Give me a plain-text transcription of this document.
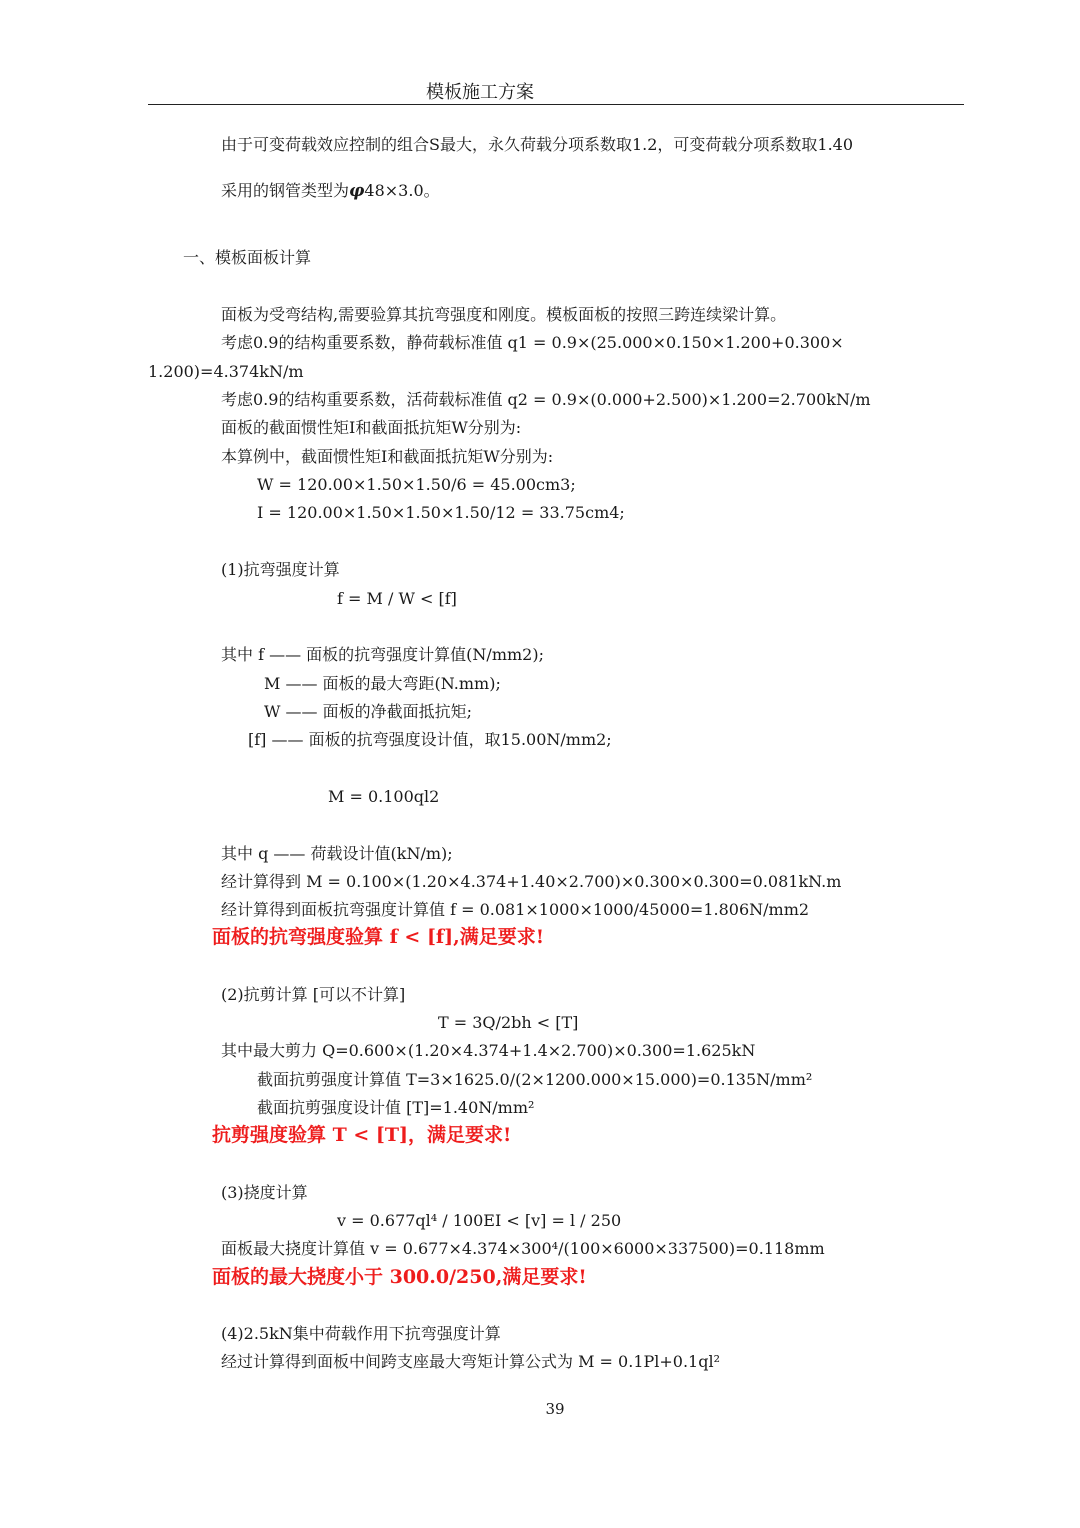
模板施工方案
由于可变荷载效应控制的组合S最大，永久荷载分项系数取1.2，可变荷载分项系数取1.40
采用的钢管类型为φ48×3.0。
一、模板面板计算
面板为受弯结构,需要验算其抗弯强度和刚度。模板面板的按照三跨连续梁计算。
考虑0.9的结构重要系数，静荷载标准值 q1 = 0.9×(25.000×0.150×1.200+0.300×
1.200)=4.374kN/m
考虑0.9的结构重要系数，活荷载标准值 q2 = 0.9×(0.000+2.500)×1.200=2.700kN/m
面板的截面惯性矩I和截面抵抗矩W分别为:
本算例中，截面惯性矩I和截面抵抗矩W分别为:
W = 120.00×1.50×1.50/6 = 45.00cm3;
I = 120.00×1.50×1.50×1.50/12 = 33.75cm4;
(1)抗弯强度计算
f = M / W < [f]
其中 f —— 面板的抗弯强度计算值(N/mm2);
M —— 面板的最大弯距(N.mm);
W —— 面板的净截面抵抗矩;
[f] —— 面板的抗弯强度设计值，取15.00N/mm2;
M = 0.100ql2
其中 q —— 荷载设计值(kN/m);
经计算得到 M = 0.100×(1.20×4.374+1.40×2.700)×0.300×0.300=0.081kN.m
经计算得到面板抗弯强度计算值 f = 0.081×1000×1000/45000=1.806N/mm2
面板的抗弯强度验算 f < [f],满足要求!
(2)抗剪计算 [可以不计算]
T = 3Q/2bh < [T]
其中最大剪力 Q=0.600×(1.20×4.374+1.4×2.700)×0.300=1.625kN
截面抗剪强度计算值 T=3×1625.0/(2×1200.000×15.000)=0.135N/mm²
截面抗剪强度设计值 [T]=1.40N/mm²
抗剪强度验算 T < [T]，满足要求!
(3)挠度计算
v = 0.677ql⁴ / 100EI < [v] = l / 250
面板最大挠度计算值 v = 0.677×4.374×300⁴/(100×6000×337500)=0.118mm
面板的最大挠度小于 300.0/250,满足要求!
(4)2.5kN集中荷载作用下抗弯强度计算
经过计算得到面板中间跨支座最大弯矩计算公式为 M = 0.1Pl+0.1ql²
39
